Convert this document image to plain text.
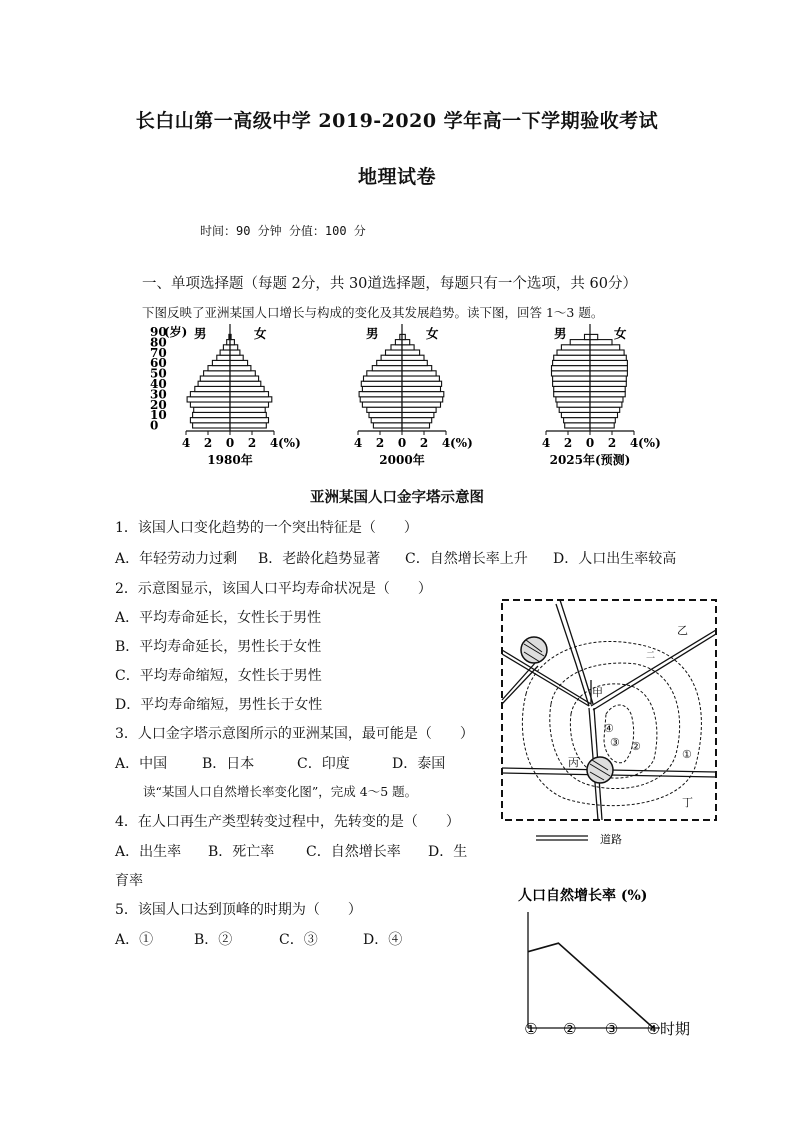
长白山第一高级中学 2019-2020 学年高一下学期验收考试
地理试卷
时间：90 分钟 分值：100 分
一、单项选择题（每题 2分，共 30道选择题，每题只有一个选项，共 60分）
下图反映了亚洲某国人口增长与构成的变化及其发展趋势。读下图，回答 1～3 题。
4 2 0 2 4 (%)
1980年
男	女
90
80
70
60
50
40
30
20
10
0
(岁)
4 2 0 2 4 (%)
2000年
男	女
4 2 0 2 4 (%)
2025年(预测)
男	女
亚洲某国人口金字塔示意图
1．该国人口变化趋势的一个突出特征是（　　）
A．年轻劳动力过剩 B．老龄化趋势显著 C．自然增长率上升 D．人口出生率较高
2．示意图显示，该国人口平均寿命状况是（　　）
A．平均寿命延长，女性长于男性
B．平均寿命延长，男性长于女性
C．平均寿命缩短，女性长于男性
D．平均寿命缩短，男性长于女性
3．人口金字塔示意图所示的亚洲某国，最可能是（　　）
A．中国 B．日本	C．印度	D．泰国
读“某国人口自然增长率变化图”，完成 4～5 题。
4．在人口再生产类型转变过程中，先转变的是（　　）
A．出生率 B．死亡率 C．自然增长率 D．生
育率
5．该国人口达到顶峰的时期为（　　）
A．①	B．②	C．③	D．④
乙
二
甲
丙
丁
④
③ ②
①
道路
人口自然增长率 (%)
① ② ③ ④ 时期
